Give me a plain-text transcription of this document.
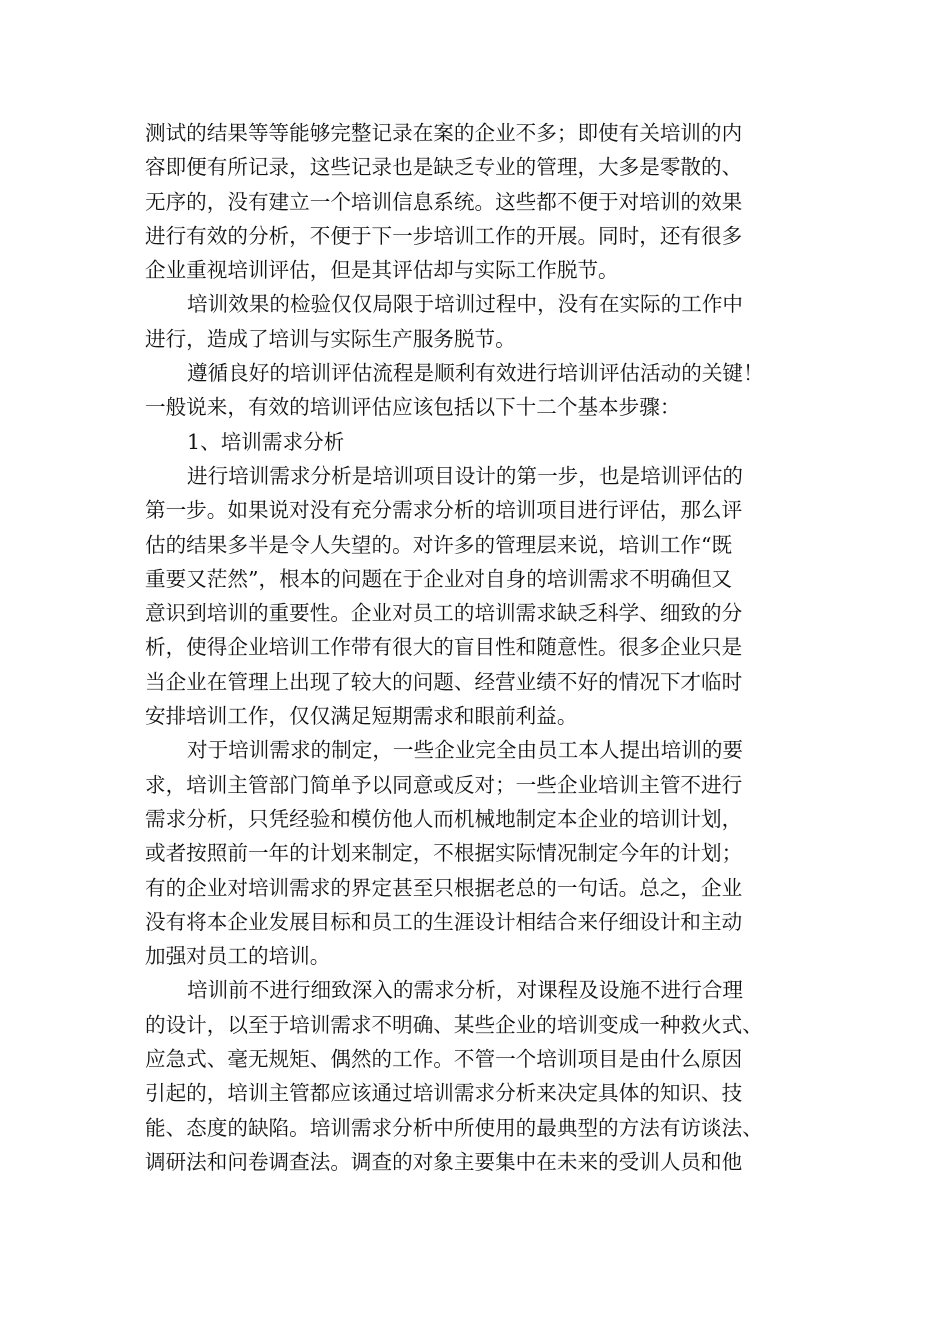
测试的结果等等能够完整记录在案的企业不多；即使有关培训的内
容即便有所记录，这些记录也是缺乏专业的管理，大多是零散的、
无序的，没有建立一个培训信息系统。这些都不便于对培训的效果
进行有效的分析，不便于下一步培训工作的开展。同时，还有很多
企业重视培训评估，但是其评估却与实际工作脱节。
培训效果的检验仅仅局限于培训过程中，没有在实际的工作中
进行，造成了培训与实际生产服务脱节。
遵循良好的培训评估流程是顺利有效进行培训评估活动的关键！
一般说来，有效的培训评估应该包括以下十二个基本步骤：
1、培训需求分析
进行培训需求分析是培训项目设计的第一步，也是培训评估的
第一步。如果说对没有充分需求分析的培训项目进行评估，那么评
估的结果多半是令人失望的。对许多的管理层来说，培训工作“既
重要又茫然”，根本的问题在于企业对自身的培训需求不明确但又
意识到培训的重要性。企业对员工的培训需求缺乏科学、细致的分
析，使得企业培训工作带有很大的盲目性和随意性。很多企业只是
当企业在管理上出现了较大的问题、经营业绩不好的情况下才临时
安排培训工作，仅仅满足短期需求和眼前利益。
对于培训需求的制定，一些企业完全由员工本人提出培训的要
求，培训主管部门简单予以同意或反对；一些企业培训主管不进行
需求分析，只凭经验和模仿他人而机械地制定本企业的培训计划，
或者按照前一年的计划来制定，不根据实际情况制定今年的计划；
有的企业对培训需求的界定甚至只根据老总的一句话。总之，企业
没有将本企业发展目标和员工的生涯设计相结合来仔细设计和主动
加强对员工的培训。
培训前不进行细致深入的需求分析，对课程及设施不进行合理
的设计，以至于培训需求不明确、某些企业的培训变成一种救火式、
应急式、毫无规矩、偶然的工作。不管一个培训项目是由什么原因
引起的，培训主管都应该通过培训需求分析来决定具体的知识、技
能、态度的缺陷。培训需求分析中所使用的最典型的方法有访谈法、
调研法和问卷调查法。调查的对象主要集中在未来的受训人员和他
